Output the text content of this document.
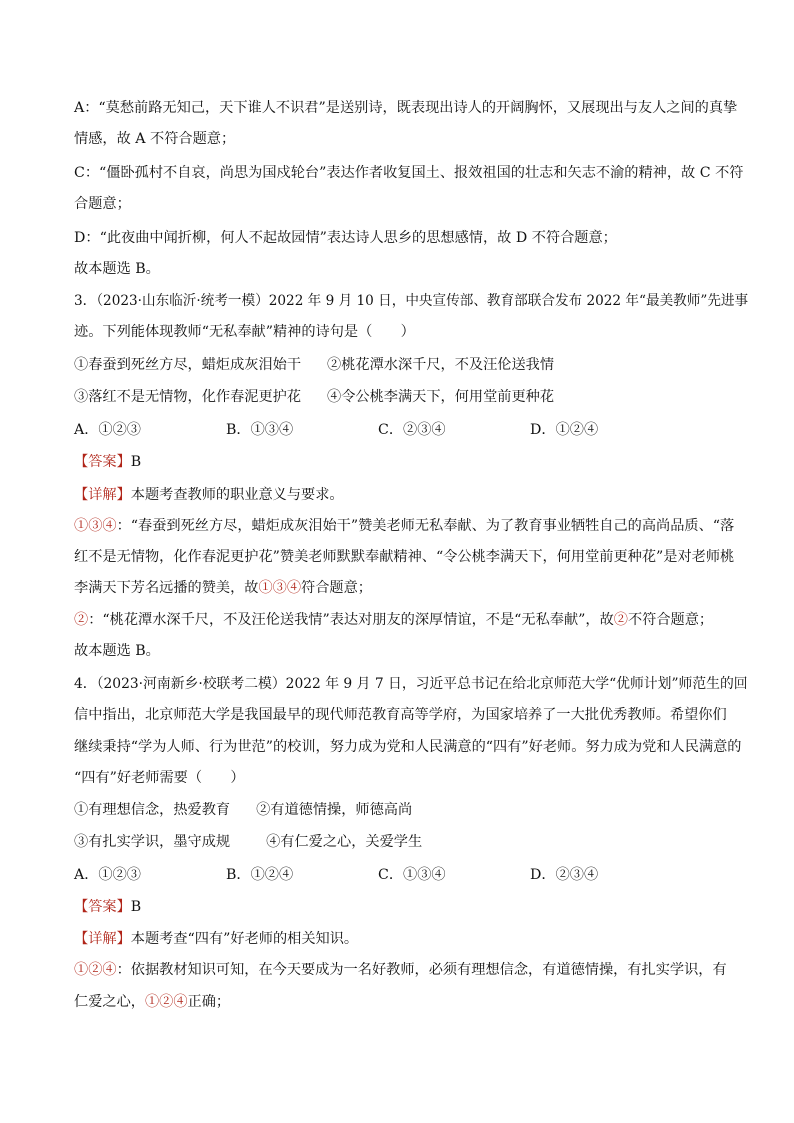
A：“莫愁前路无知己，天下谁人不识君”是送别诗，既表现出诗人的开阔胸怀，又展现出与友人之间的真挚
情感，故 A 不符合题意；
C：“僵卧孤村不自哀，尚思为国戍轮台”表达作者收复国土、报效祖国的壮志和矢志不渝的精神，故 C 不符
合题意；
D：“此夜曲中闻折柳，何人不起故园情”表达诗人思乡的思想感情，故 D 不符合题意；
故本题选 B。
3．（2023·山东临沂·统考一模）2022 年 9 月 10 日，中央宣传部、教育部联合发布 2022 年“最美教师”先进事
迹。下列能体现教师“无私奉献”精神的诗句是（　　）
①春蚕到死丝方尽，蜡炬成灰泪始干 ②桃花潭水深千尺，不及汪伦送我情
③落红不是无情物，化作春泥更护花 ④令公桃李满天下，何用堂前更种花
A．①②③	B．①③④	C．②③④	D．①②④
【答案】B
【详解】本题考查教师的职业意义与要求。
①③④：“春蚕到死丝方尽，蜡炬成灰泪始干”赞美老师无私奉献、为了教育事业牺牲自己的高尚品质、“落
红不是无情物，化作春泥更护花”赞美老师默默奉献精神、“令公桃李满天下，何用堂前更种花”是对老师桃
李满天下芳名远播的赞美，故①③④符合题意；
②：“桃花潭水深千尺，不及汪伦送我情”表达对朋友的深厚情谊，不是“无私奉献”，故②不符合题意；
故本题选 B。
4．（2023·河南新乡·校联考二模）2022 年 9 月 7 日，习近平总书记在给北京师范大学“优师计划”师范生的回
信中指出，北京师范大学是我国最早的现代师范教育高等学府，为国家培养了一大批优秀教师。希望你们
继续秉持“学为人师、行为世范”的校训，努力成为党和人民满意的“四有”好老师。努力成为党和人民满意的
“四有”好老师需要（　　）
①有理想信念，热爱教育 ②有道德情操，师德高尚
③有扎实学识，墨守成规	④有仁爱之心，关爱学生
A．①②③	B．①②④	C．①③④	D．②③④
【答案】B
【详解】本题考查“四有”好老师的相关知识。
①②④：依据教材知识可知，在今天要成为一名好教师，必须有理想信念，有道德情操，有扎实学识，有
仁爱之心，①②④正确；
